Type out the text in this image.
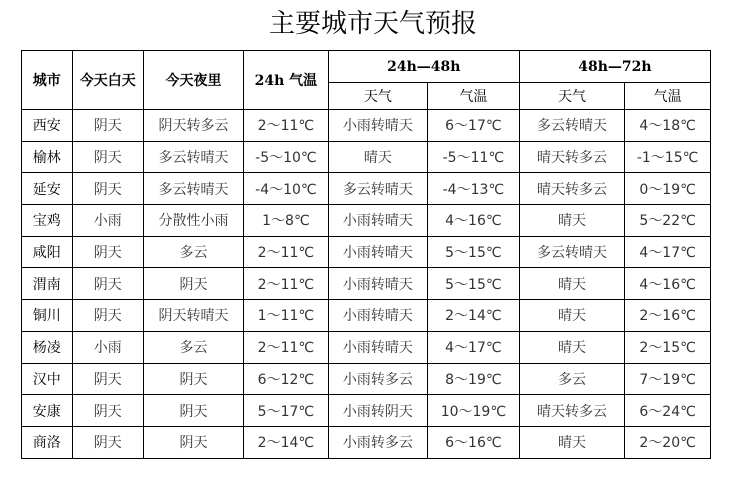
主要城市天气预报
城市	今天白天	今天夜里	24h 气温	24h—48h		48h—72h	
				天气	气温	天气	气温
西安	阴天	阴天转多云	2～11℃	小雨转晴天	6～17℃	多云转晴天	4～18℃
榆林	阴天	多云转晴天	-5～10℃	晴天	-5～11℃	晴天转多云	-1～15℃
延安	阴天	多云转晴天	-4～10℃	多云转晴天	-4～13℃	晴天转多云	0～19℃
宝鸡	小雨	分散性小雨	1～8℃	小雨转晴天	4～16℃	晴天	5～22℃
咸阳	阴天	多云	2～11℃	小雨转晴天	5～15℃	多云转晴天	4～17℃
渭南	阴天	阴天	2～11℃	小雨转晴天	5～15℃	晴天	4～16℃
铜川	阴天	阴天转晴天	1～11℃	小雨转晴天	2～14℃	晴天	2～16℃
杨凌	小雨	多云	2～11℃	小雨转晴天	4～17℃	晴天	2～15℃
汉中	阴天	阴天	6～12℃	小雨转多云	8～19℃	多云	7～19℃
安康	阴天	阴天	5～17℃	小雨转阴天	10～19℃	晴天转多云	6～24℃
商洛	阴天	阴天	2～14℃	小雨转多云	6～16℃	晴天	2～20℃
